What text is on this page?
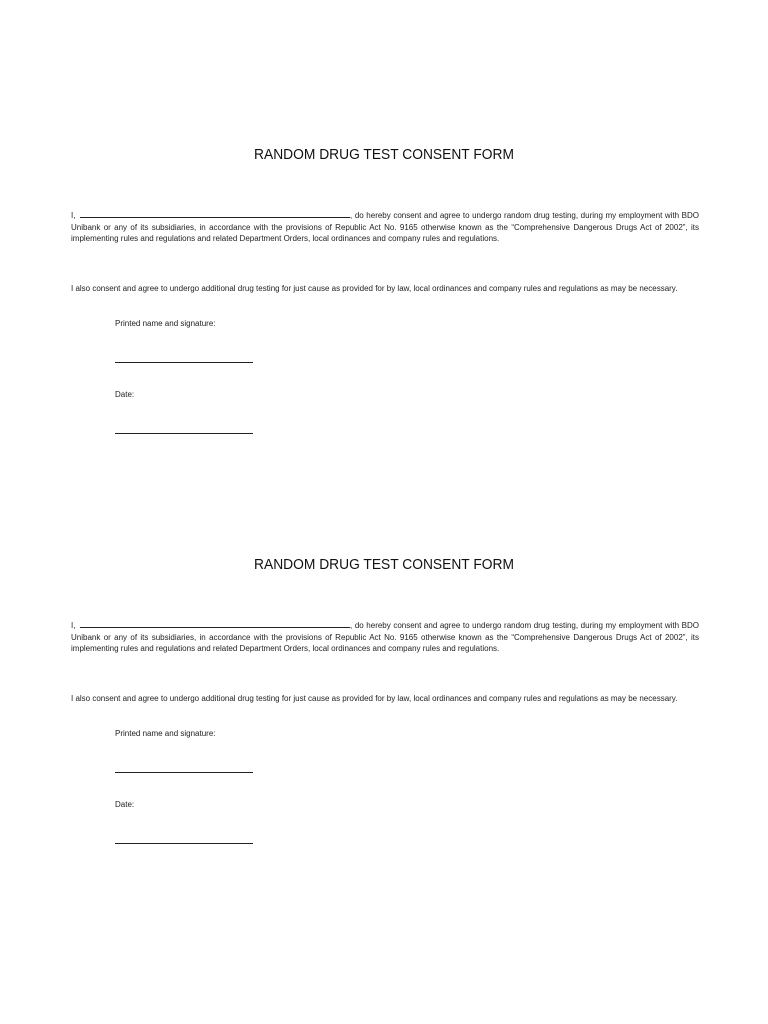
RANDOM DRUG TEST CONSENT FORM

I,	, do hereby consent and agree to undergo random drug testing, during my employment with BDO Unibank or any of its subsidiaries, in accordance with the provisions of Republic Act No. 9165 otherwise known as the “Comprehensive Dangerous Drugs Act of 2002”, its implementing rules and regulations and related Department Orders, local ordinances and company rules and regulations.

I also consent and agree to undergo additional drug testing for just cause as provided for by law, local ordinances and company rules and regulations as may be necessary.

Printed name and signature:
Date:
RANDOM DRUG TEST CONSENT FORM

I,	, do hereby consent and agree to undergo random drug testing, during my employment with BDO Unibank or any of its subsidiaries, in accordance with the provisions of Republic Act No. 9165 otherwise known as the “Comprehensive Dangerous Drugs Act of 2002”, its implementing rules and regulations and related Department Orders, local ordinances and company rules and regulations.

I also consent and agree to undergo additional drug testing for just cause as provided for by law, local ordinances and company rules and regulations as may be necessary.

Printed name and signature:
Date:
